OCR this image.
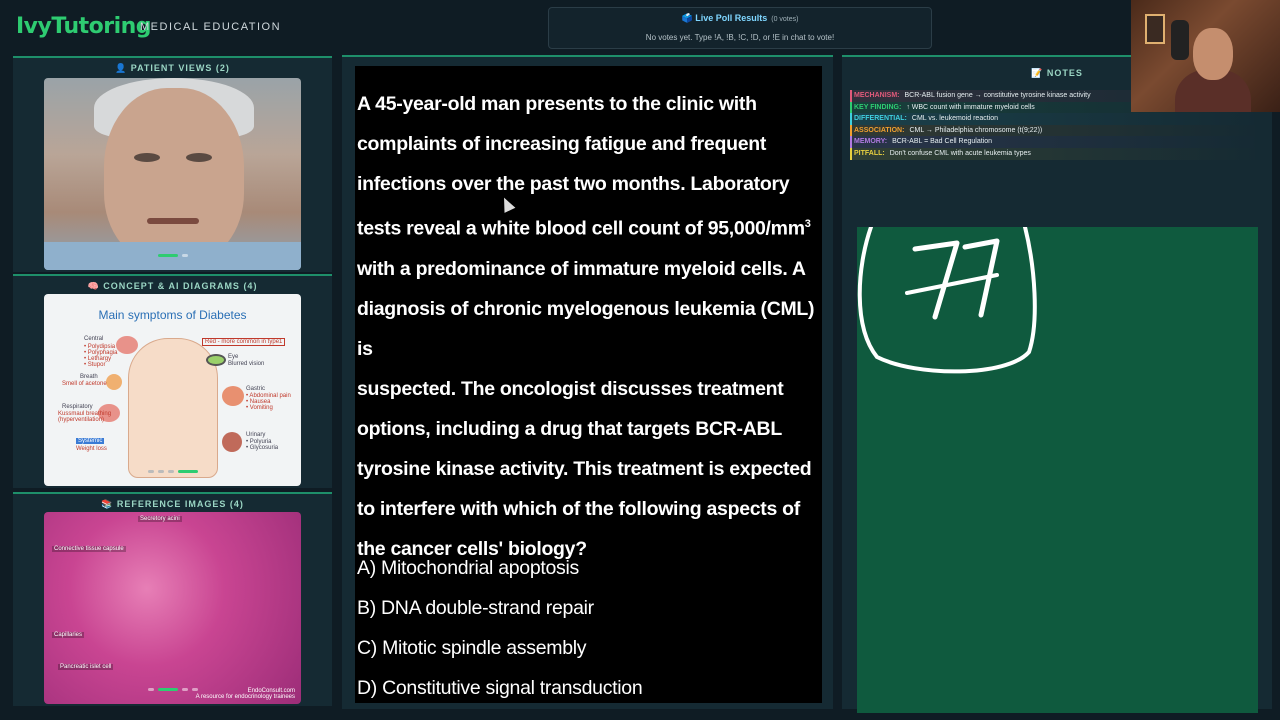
IvyTutoring
MEDICAL EDUCATION
🗳️ Live Poll Results (0 votes)
No votes yet. Type !A, !B, !C, !D, or !E in chat to vote!
👤 PATIENT VIEWS (2)
🧠 CONCEPT & AI DIAGRAMS (4)
Main symptoms of Diabetes
Central
• Polydipsia
• Polyphagia
• Lethargy
• Stupor
Red - more common in type1
Eye
Blurred vision
Breath
Smell of acetone
Respiratory
Kussmaul breathing
(hyperventilation)
Gastric
• Abdominal pain
• Nausea
• Vomiting
Systemic
Weight loss
Urinary
• Polyuria
• Glycosuria
📚 REFERENCE IMAGES (4)
Secretory acini
Connective tissue capsule
Capillaries
Pancreatic islet cell
EndoConsult.com
A resource for endocrinology trainees
A 45-year-old man presents to the clinic with
complaints of increasing fatigue and frequent
infections over the past two months. Laboratory
tests reveal a white blood cell count of $95,000/mm^3$
with a predominance of immature myeloid cells. A
diagnosis of chronic myelogenous leukemia (CML) is
suspected. The oncologist discusses treatment
options, including a drug that targets BCR-ABL
tyrosine kinase activity. This treatment is expected
to interfere with which of the following aspects of
the cancer cells' biology?
A) Mitochondrial apoptosis
B) DNA double-strand repair
C) Mitotic spindle assembly
D) Constitutive signal transduction
📝 NOTES
MECHANISM: BCR-ABL fusion gene → constitutive tyrosine kinase activity
KEY FINDING: ↑ WBC count with immature myeloid cells
DIFFERENTIAL: CML vs. leukemoid reaction
ASSOCIATION: CML → Philadelphia chromosome (t(9;22))
MEMORY: BCR-ABL = Bad Cell Regulation
PITFALL: Don't confuse CML with acute leukemia types
